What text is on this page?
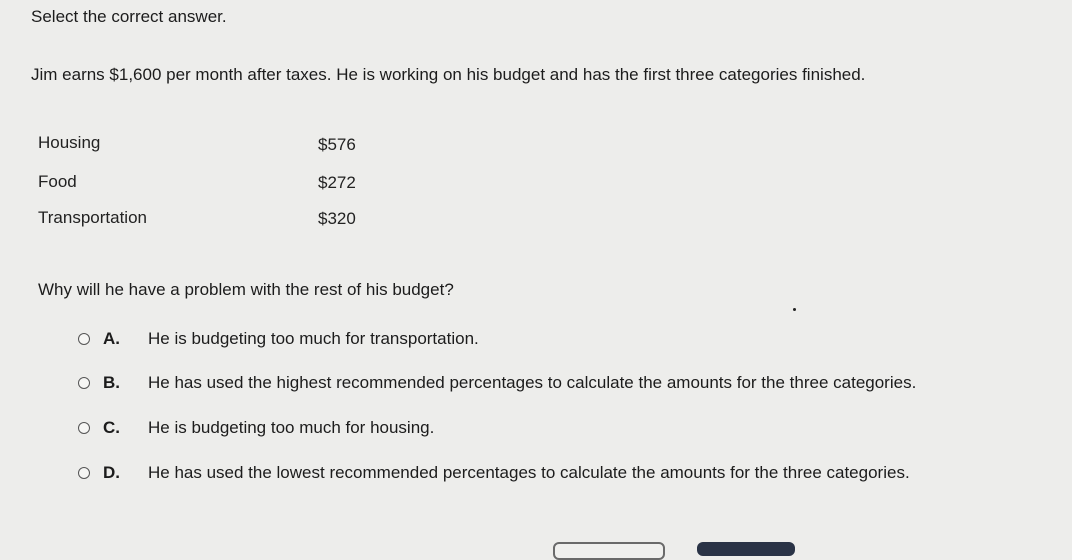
Select the correct answer.
Jim earns $1,600 per month after taxes. He is working on his budget and has the first three categories finished.
Housing	$576
Food	$272
Transportation	$320
Why will he have a problem with the rest of his budget?
A.	He is budgeting too much for transportation.
B.	He has used the highest recommended percentages to calculate the amounts for the three categories.
C.	He is budgeting too much for housing.
D.	He has used the lowest recommended percentages to calculate the amounts for the three categories.
